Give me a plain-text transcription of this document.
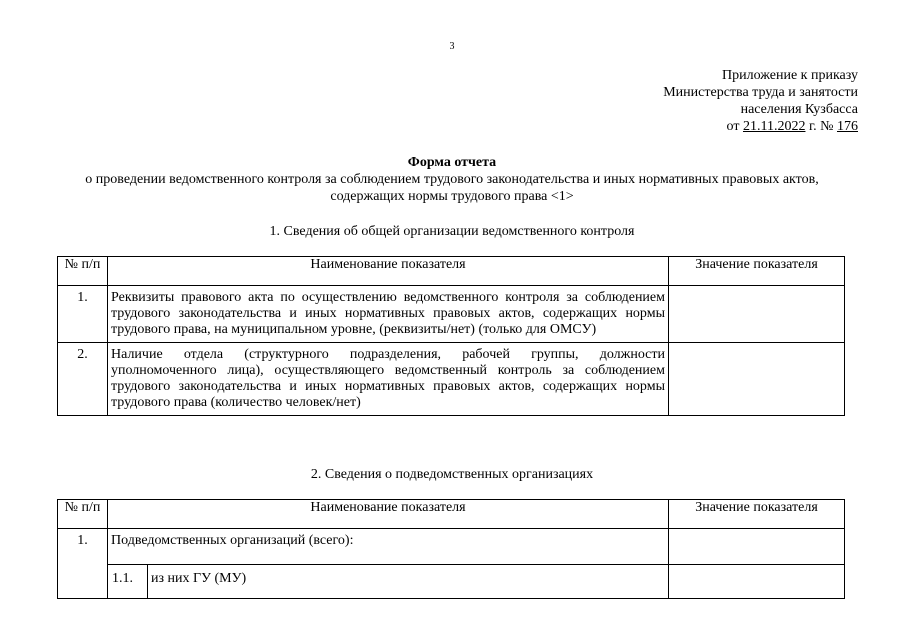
3
Приложение к приказу
Министерства труда и занятости
населения Кузбасса
от 21.11.2022 г. № 176
Форма отчета
о проведении ведомственного контроля за соблюдением трудового законодательства и иных нормативных правовых актов,
содержащих нормы трудового права <1>
1. Сведения об общей организации ведомственного контроля
№ п/п	Наименование показателя	Значение показателя
1.	Реквизиты правового акта по осуществлению ведомственного контроля за соблюдением трудового законодательства и иных нормативных правовых актов, содержащих нормы трудового права, на муниципальном уровне, (реквизиты/нет) (только для ОМСУ)	
2.	Наличие отдела (структурного подразделения, рабочей группы, должности уполномоченного лица), осуществляющего ведомственный контроль за соблюдением трудового законодательства и иных нормативных правовых актов, содержащих нормы трудового права (количество человек/нет)	
2. Сведения о подведомственных организациях
№ п/п	Наименование показателя		Значение показателя
1.	Подведомственных организаций (всего):		
	1.1.	из них ГУ (МУ)	
